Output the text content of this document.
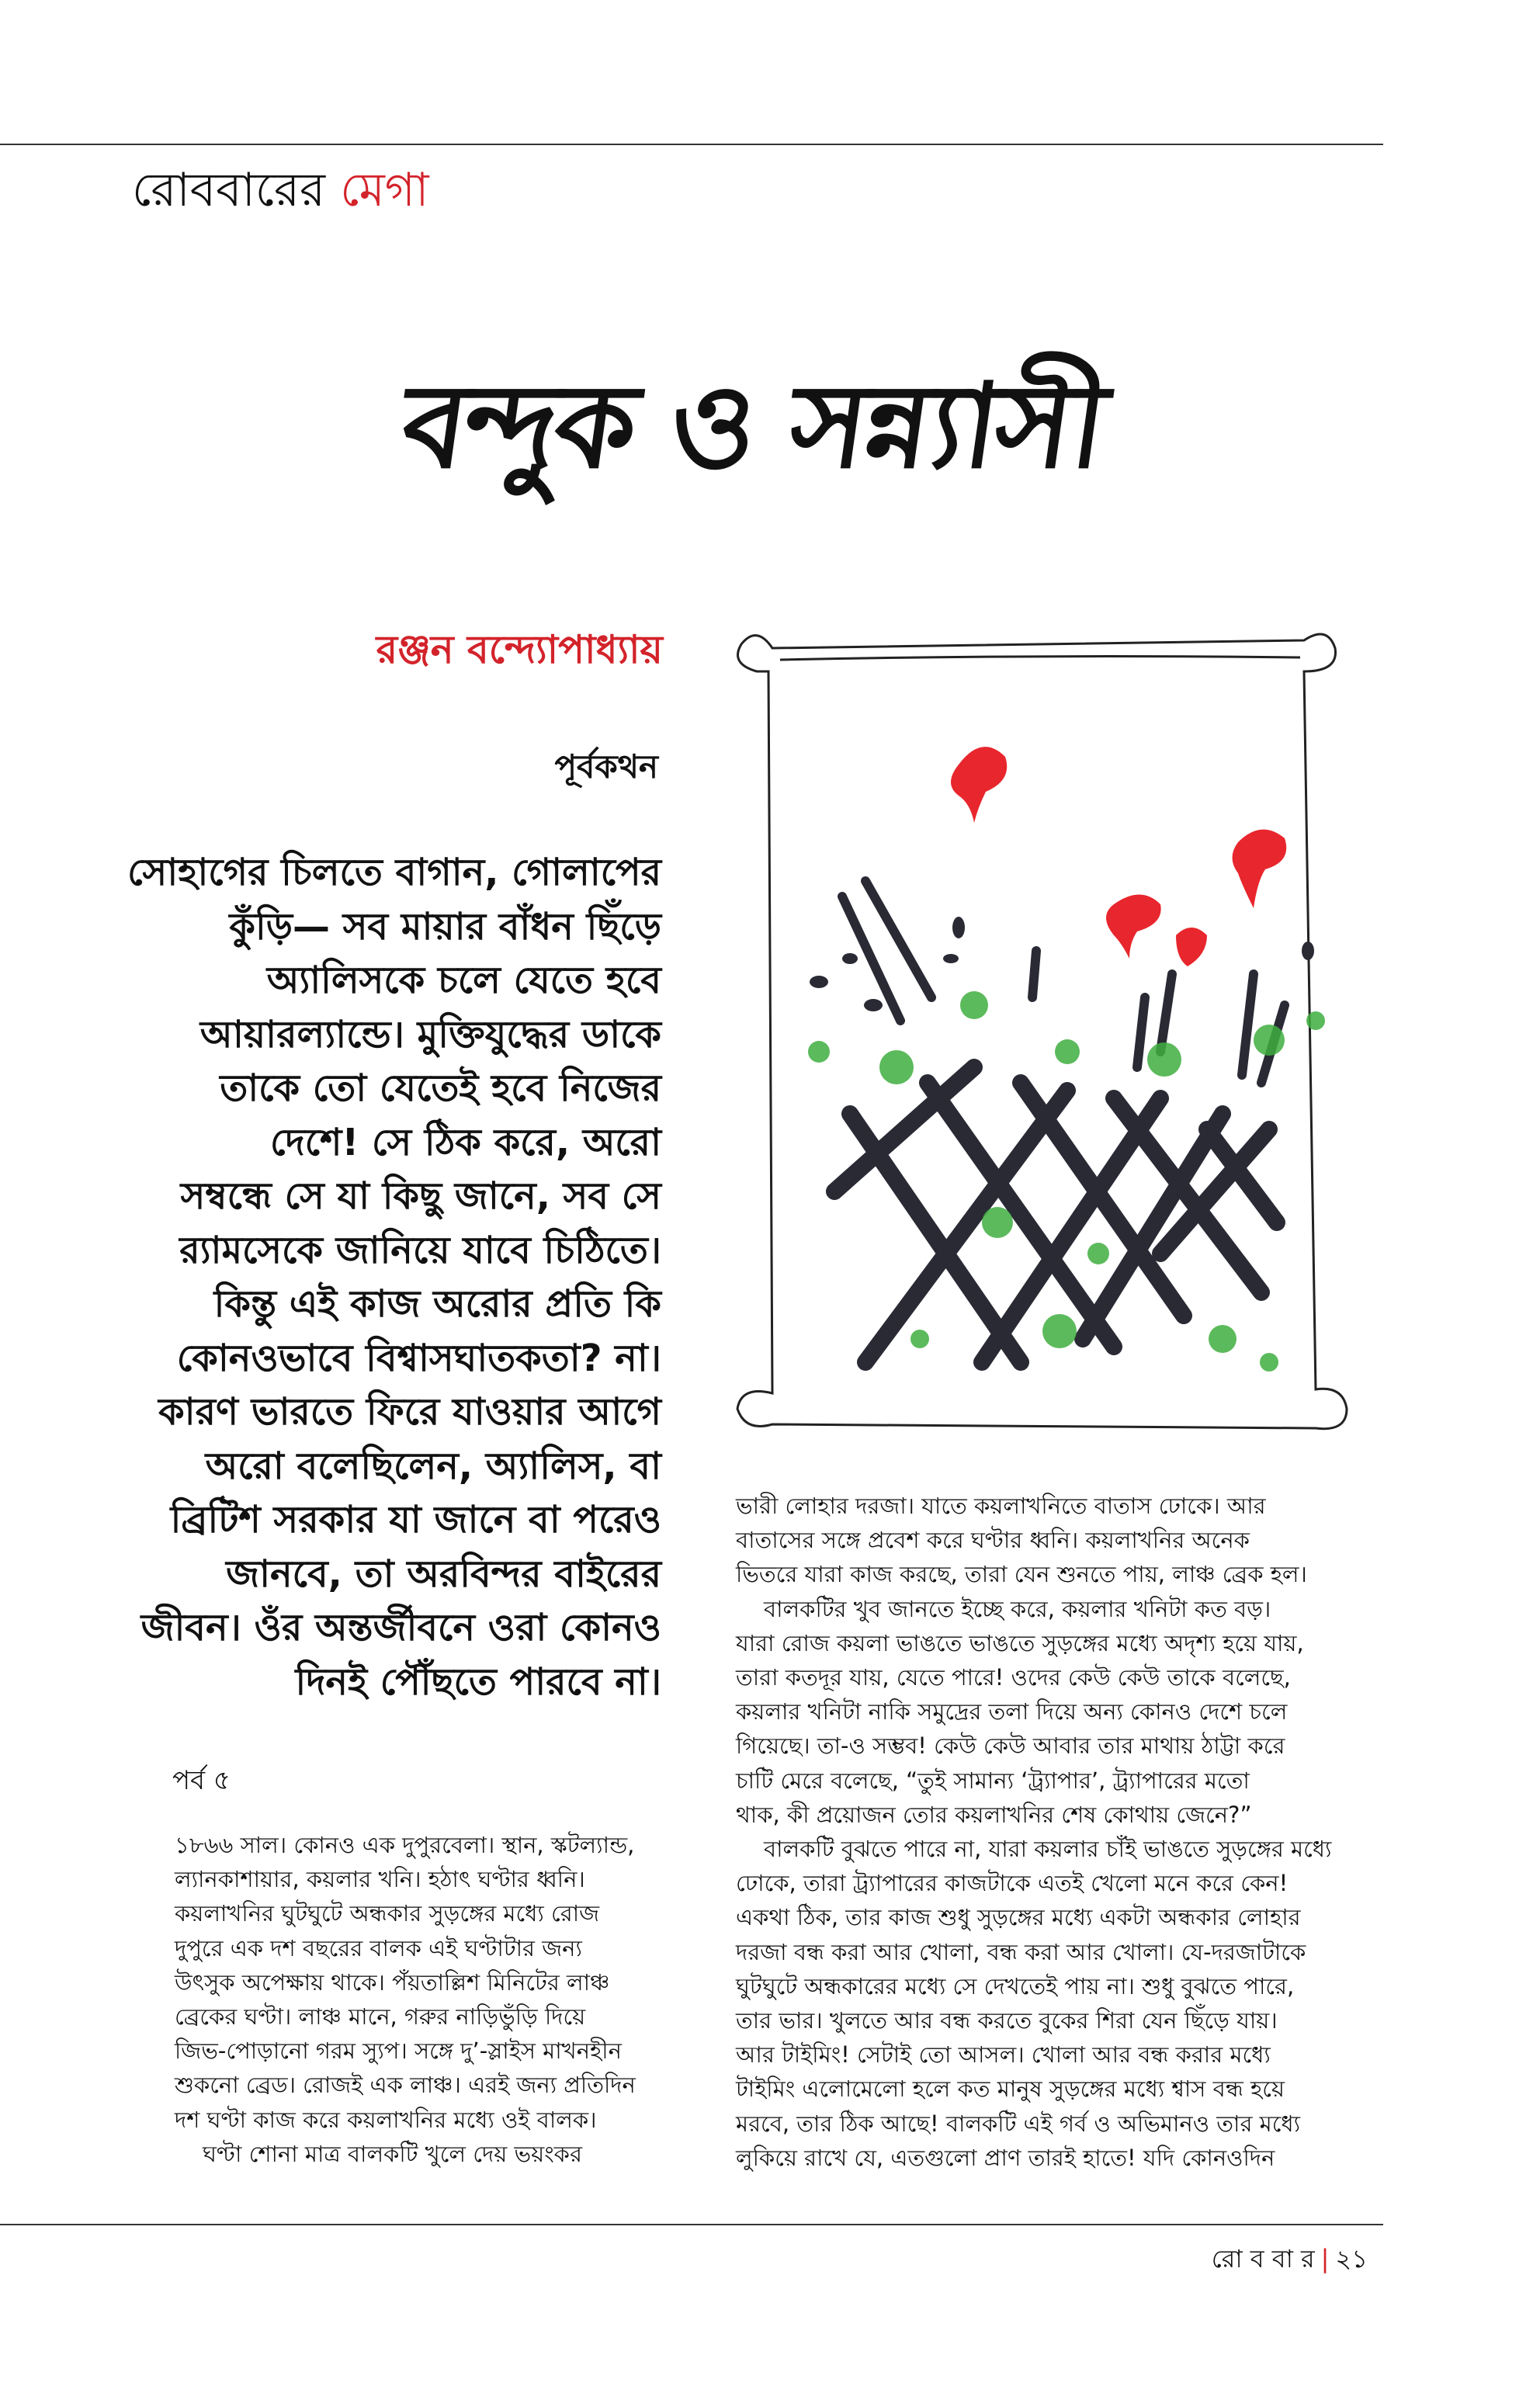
রোববারের মেগা
বন্দুক ও সন্ন্যাসী
রঞ্জন বন্দ্যোপাধ্যায়
পূর্বকথন
সোহাগের চিলতে বাগান, গোলাপের
কুঁড়ি— সব মায়ার বাঁধন ছিঁড়ে
অ্যালিসকে চলে যেতে হবে
আয়ারল্যান্ডে। মুক্তিযুদ্ধের ডাকে
তাকে তো যেতেই হবে নিজের
দেশে! সে ঠিক করে, অরো
সম্বন্ধে সে যা কিছু জানে, সব সে
র‍্যামসেকে জানিয়ে যাবে চিঠিতে।
কিন্তু এই কাজ অরোর প্রতি কি
কোনওভাবে বিশ্বাসঘাতকতা? না।
কারণ ভারতে ফিরে যাওয়ার আগে
অরো বলেছিলেন, অ্যালিস, বা
ব্রিটিশ সরকার যা জানে বা পরেও
জানবে, তা অরবিন্দর বাইরের
জীবন। ওঁর অন্তর্জীবনে ওরা কোনও
দিনই পৌঁছতে পারবে না।
পর্ব ৫
১৮৬৬ সাল। কোনও এক দুপুরবেলা। স্থান, স্কটল্যান্ড,
ল্যানকাশায়ার, কয়লার খনি। হঠাৎ ঘণ্টার ধ্বনি।
কয়লাখনির ঘুটঘুটে অন্ধকার সুড়ঙ্গের মধ্যে রোজ
দুপুরে এক দশ বছরের বালক এই ঘণ্টাটার জন্য
উৎসুক অপেক্ষায় থাকে। পঁয়তাল্লিশ মিনিটের লাঞ্চ
ব্রেকের ঘণ্টা। লাঞ্চ মানে, গরুর নাড়িভুঁড়ি দিয়ে
জিভ-পোড়ানো গরম স্যুপ। সঙ্গে দু’-স্লাইস মাখনহীন
শুকনো ব্রেড। রোজই এক লাঞ্চ। এরই জন্য প্রতিদিন
দশ ঘণ্টা কাজ করে কয়লাখনির মধ্যে ওই বালক।
ঘণ্টা শোনা মাত্র বালকটি খুলে দেয় ভয়ংকর
ভারী লোহার দরজা। যাতে কয়লাখনিতে বাতাস ঢোকে। আর
বাতাসের সঙ্গে প্রবেশ করে ঘণ্টার ধ্বনি। কয়লাখনির অনেক
ভিতরে যারা কাজ করছে, তারা যেন শুনতে পায়, লাঞ্চ ব্রেক হল।
বালকটির খুব জানতে ইচ্ছে করে, কয়লার খনিটা কত বড়।
যারা রোজ কয়লা ভাঙতে ভাঙতে সুড়ঙ্গের মধ্যে অদৃশ্য হয়ে যায়,
তারা কতদূর যায়, যেতে পারে! ওদের কেউ কেউ তাকে বলেছে,
কয়লার খনিটা নাকি সমুদ্রের তলা দিয়ে অন্য কোনও দেশে চলে
গিয়েছে। তা-ও সম্ভব! কেউ কেউ আবার তার মাথায় ঠাট্টা করে
চাটি মেরে বলেছে, “তুই সামান্য ‘ট্র্যাপার’, ট্র্যাপারের মতো
থাক, কী প্রয়োজন তোর কয়লাখনির শেষ কোথায় জেনে?”
বালকটি বুঝতে পারে না, যারা কয়লার চাঁই ভাঙতে সুড়ঙ্গের মধ্যে
ঢোকে, তারা ট্র্যাপারের কাজটাকে এতই খেলো মনে করে কেন!
একথা ঠিক, তার কাজ শুধু সুড়ঙ্গের মধ্যে একটা অন্ধকার লোহার
দরজা বন্ধ করা আর খোলা, বন্ধ করা আর খোলা। যে-দরজাটাকে
ঘুটঘুটে অন্ধকারের মধ্যে সে দেখতেই পায় না। শুধু বুঝতে পারে,
তার ভার। খুলতে আর বন্ধ করতে বুকের শিরা যেন ছিঁড়ে যায়।
আর টাইমিং! সেটাই তো আসল। খোলা আর বন্ধ করার মধ্যে
টাইমিং এলোমেলো হলে কত মানুষ সুড়ঙ্গের মধ্যে শ্বাস বন্ধ হয়ে
মরবে, তার ঠিক আছে! বালকটি এই গর্ব ও অভিমানও তার মধ্যে
লুকিয়ে রাখে যে, এতগুলো প্রাণ তারই হাতে! যদি কোনওদিন
রো ব বা র | ২১
